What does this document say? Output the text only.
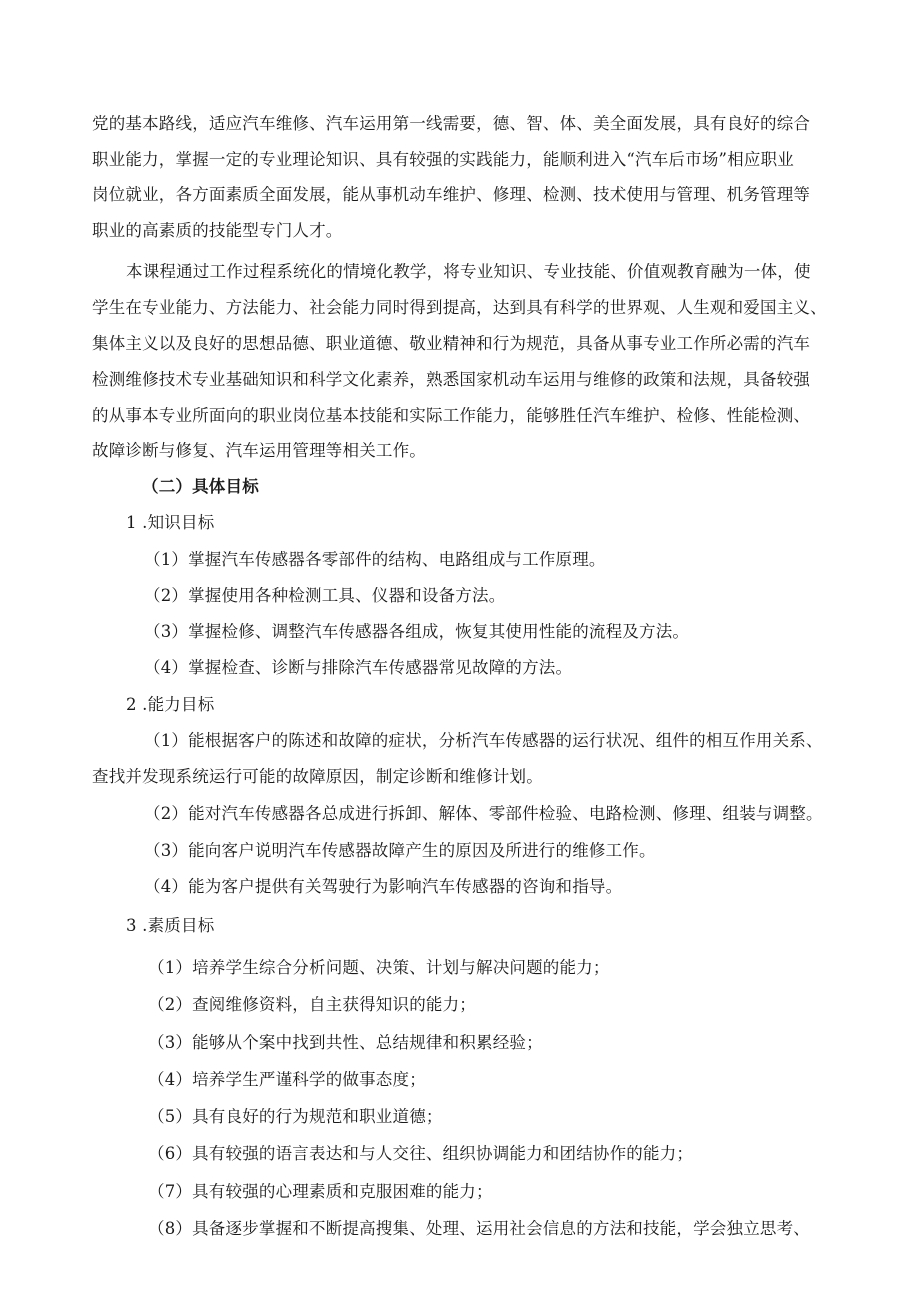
党的基本路线，适应汽车维修、汽车运用第一线需要，德、智、体、美全面发展，具有良好的综合
职业能力，掌握一定的专业理论知识、具有较强的实践能力，能顺利进入“汽车后市场”相应职业
岗位就业，各方面素质全面发展，能从事机动车维护、修理、检测、技术使用与管理、机务管理等
职业的高素质的技能型专门人才。
本课程通过工作过程系统化的情境化教学，将专业知识、专业技能、价值观教育融为一体，使
学生在专业能力、方法能力、社会能力同时得到提高，达到具有科学的世界观、人生观和爱国主义、
集体主义以及良好的思想品德、职业道德、敬业精神和行为规范，具备从事专业工作所必需的汽车
检测维修技术专业基础知识和科学文化素养，熟悉国家机动车运用与维修的政策和法规，具备较强
的从事本专业所面向的职业岗位基本技能和实际工作能力，能够胜任汽车维护、检修、性能检测、
故障诊断与修复、汽车运用管理等相关工作。
（二）具体目标
1 .知识目标
（1）掌握汽车传感器各零部件的结构、电路组成与工作原理。
（2）掌握使用各种检测工具、仪器和设备方法。
（3）掌握检修、调整汽车传感器各组成，恢复其使用性能的流程及方法。
（4）掌握检查、诊断与排除汽车传感器常见故障的方法。
2 .能力目标
（1）能根据客户的陈述和故障的症状，分析汽车传感器的运行状况、组件的相互作用关系、
查找并发现系统运行可能的故障原因，制定诊断和维修计划。
（2）能对汽车传感器各总成进行拆卸、解体、零部件检验、电路检测、修理、组装与调整。
（3）能向客户说明汽车传感器故障产生的原因及所进行的维修工作。
（4）能为客户提供有关驾驶行为影响汽车传感器的咨询和指导。
3 .素质目标
（1）培养学生综合分析问题、决策、计划与解决问题的能力；
（2）查阅维修资料，自主获得知识的能力；
（3）能够从个案中找到共性、总结规律和积累经验；
（4）培养学生严谨科学的做事态度；
（5）具有良好的行为规范和职业道德；
（6）具有较强的语言表达和与人交往、组织协调能力和团结协作的能力；
（7）具有较强的心理素质和克服困难的能力；
（8）具备逐步掌握和不断提高搜集、处理、运用社会信息的方法和技能，学会独立思考、
